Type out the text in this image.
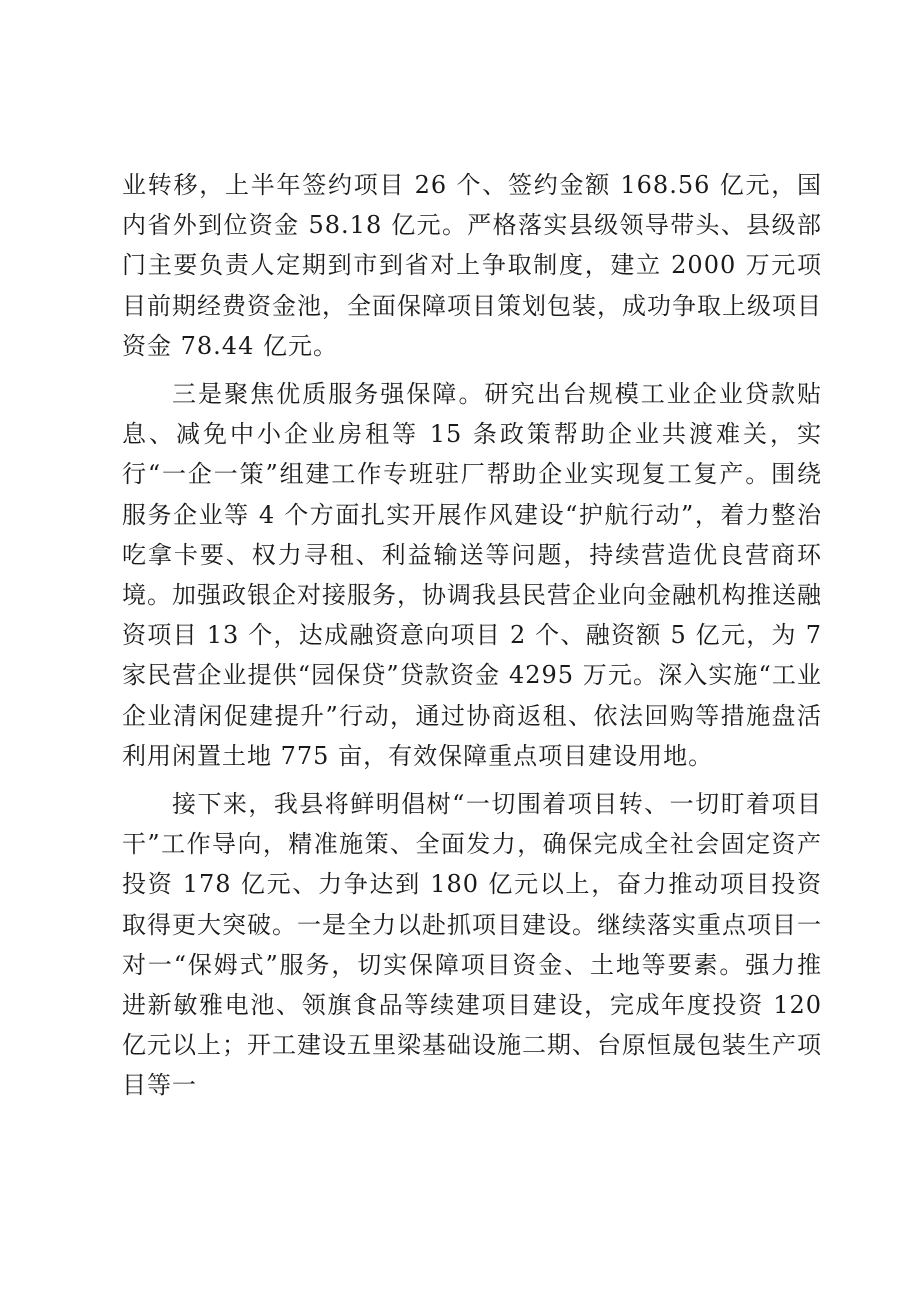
业转移，上半年签约项目 26 个、签约金额 168.56 亿元，国内省外到位资金 58.18 亿元。严格落实县级领导带头、县级部门主要负责人定期到市到省对上争取制度，建立 2000 万元项目前期经费资金池，全面保障项目策划包装，成功争取上级项目资金 78.44 亿元。

三是聚焦优质服务强保障。研究出台规模工业企业贷款贴息、减免中小企业房租等 15 条政策帮助企业共渡难关，实行“一企一策”组建工作专班驻厂帮助企业实现复工复产。围绕服务企业等 4 个方面扎实开展作风建设“护航行动”，着力整治吃拿卡要、权力寻租、利益输送等问题，持续营造优良营商环境。加强政银企对接服务，协调我县民营企业向金融机构推送融资项目 13 个，达成融资意向项目 2 个、融资额 5 亿元，为 7 家民营企业提供“园保贷”贷款资金 4295 万元。深入实施“工业企业清闲促建提升”行动，通过协商返租、依法回购等措施盘活利用闲置土地 775 亩，有效保障重点项目建设用地。

接下来，我县将鲜明倡树“一切围着项目转、一切盯着项目干”工作导向，精准施策、全面发力，确保完成全社会固定资产投资 178 亿元、力争达到 180 亿元以上，奋力推动项目投资取得更大突破。一是全力以赴抓项目建设。继续落实重点项目一对一“保姆式”服务，切实保障项目资金、土地等要素。强力推进新敏雅电池、领旗食品等续建项目建设，完成年度投资 120 亿元以上；开工建设五里梁基础设施二期、台原恒晟包装生产项目等一
